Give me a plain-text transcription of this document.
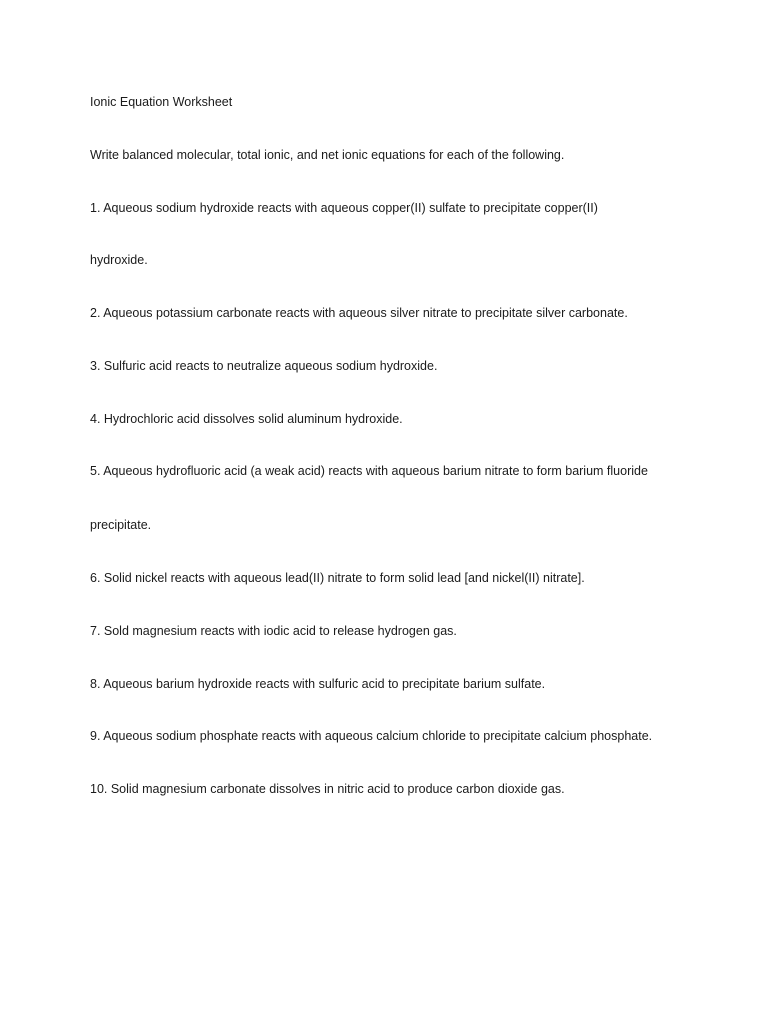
Ionic Equation Worksheet

Write balanced molecular, total ionic, and net ionic equations for each of the following.

1. Aqueous sodium hydroxide reacts with aqueous copper(II) sulfate to precipitate copper(II)

hydroxide.

2. Aqueous potassium carbonate reacts with aqueous silver nitrate to precipitate silver carbonate.

3. Sulfuric acid reacts to neutralize aqueous sodium hydroxide.

4. Hydrochloric acid dissolves solid aluminum hydroxide.

5. Aqueous hydrofluoric acid (a weak acid) reacts with aqueous barium nitrate to form barium fluoride

precipitate.

6. Solid nickel reacts with aqueous lead(II) nitrate to form solid lead [and nickel(II) nitrate].

7. Sold magnesium reacts with iodic acid to release hydrogen gas.

8. Aqueous barium hydroxide reacts with sulfuric acid to precipitate barium sulfate.

9. Aqueous sodium phosphate reacts with aqueous calcium chloride to precipitate calcium phosphate.

10. Solid magnesium carbonate dissolves in nitric acid to produce carbon dioxide gas.
